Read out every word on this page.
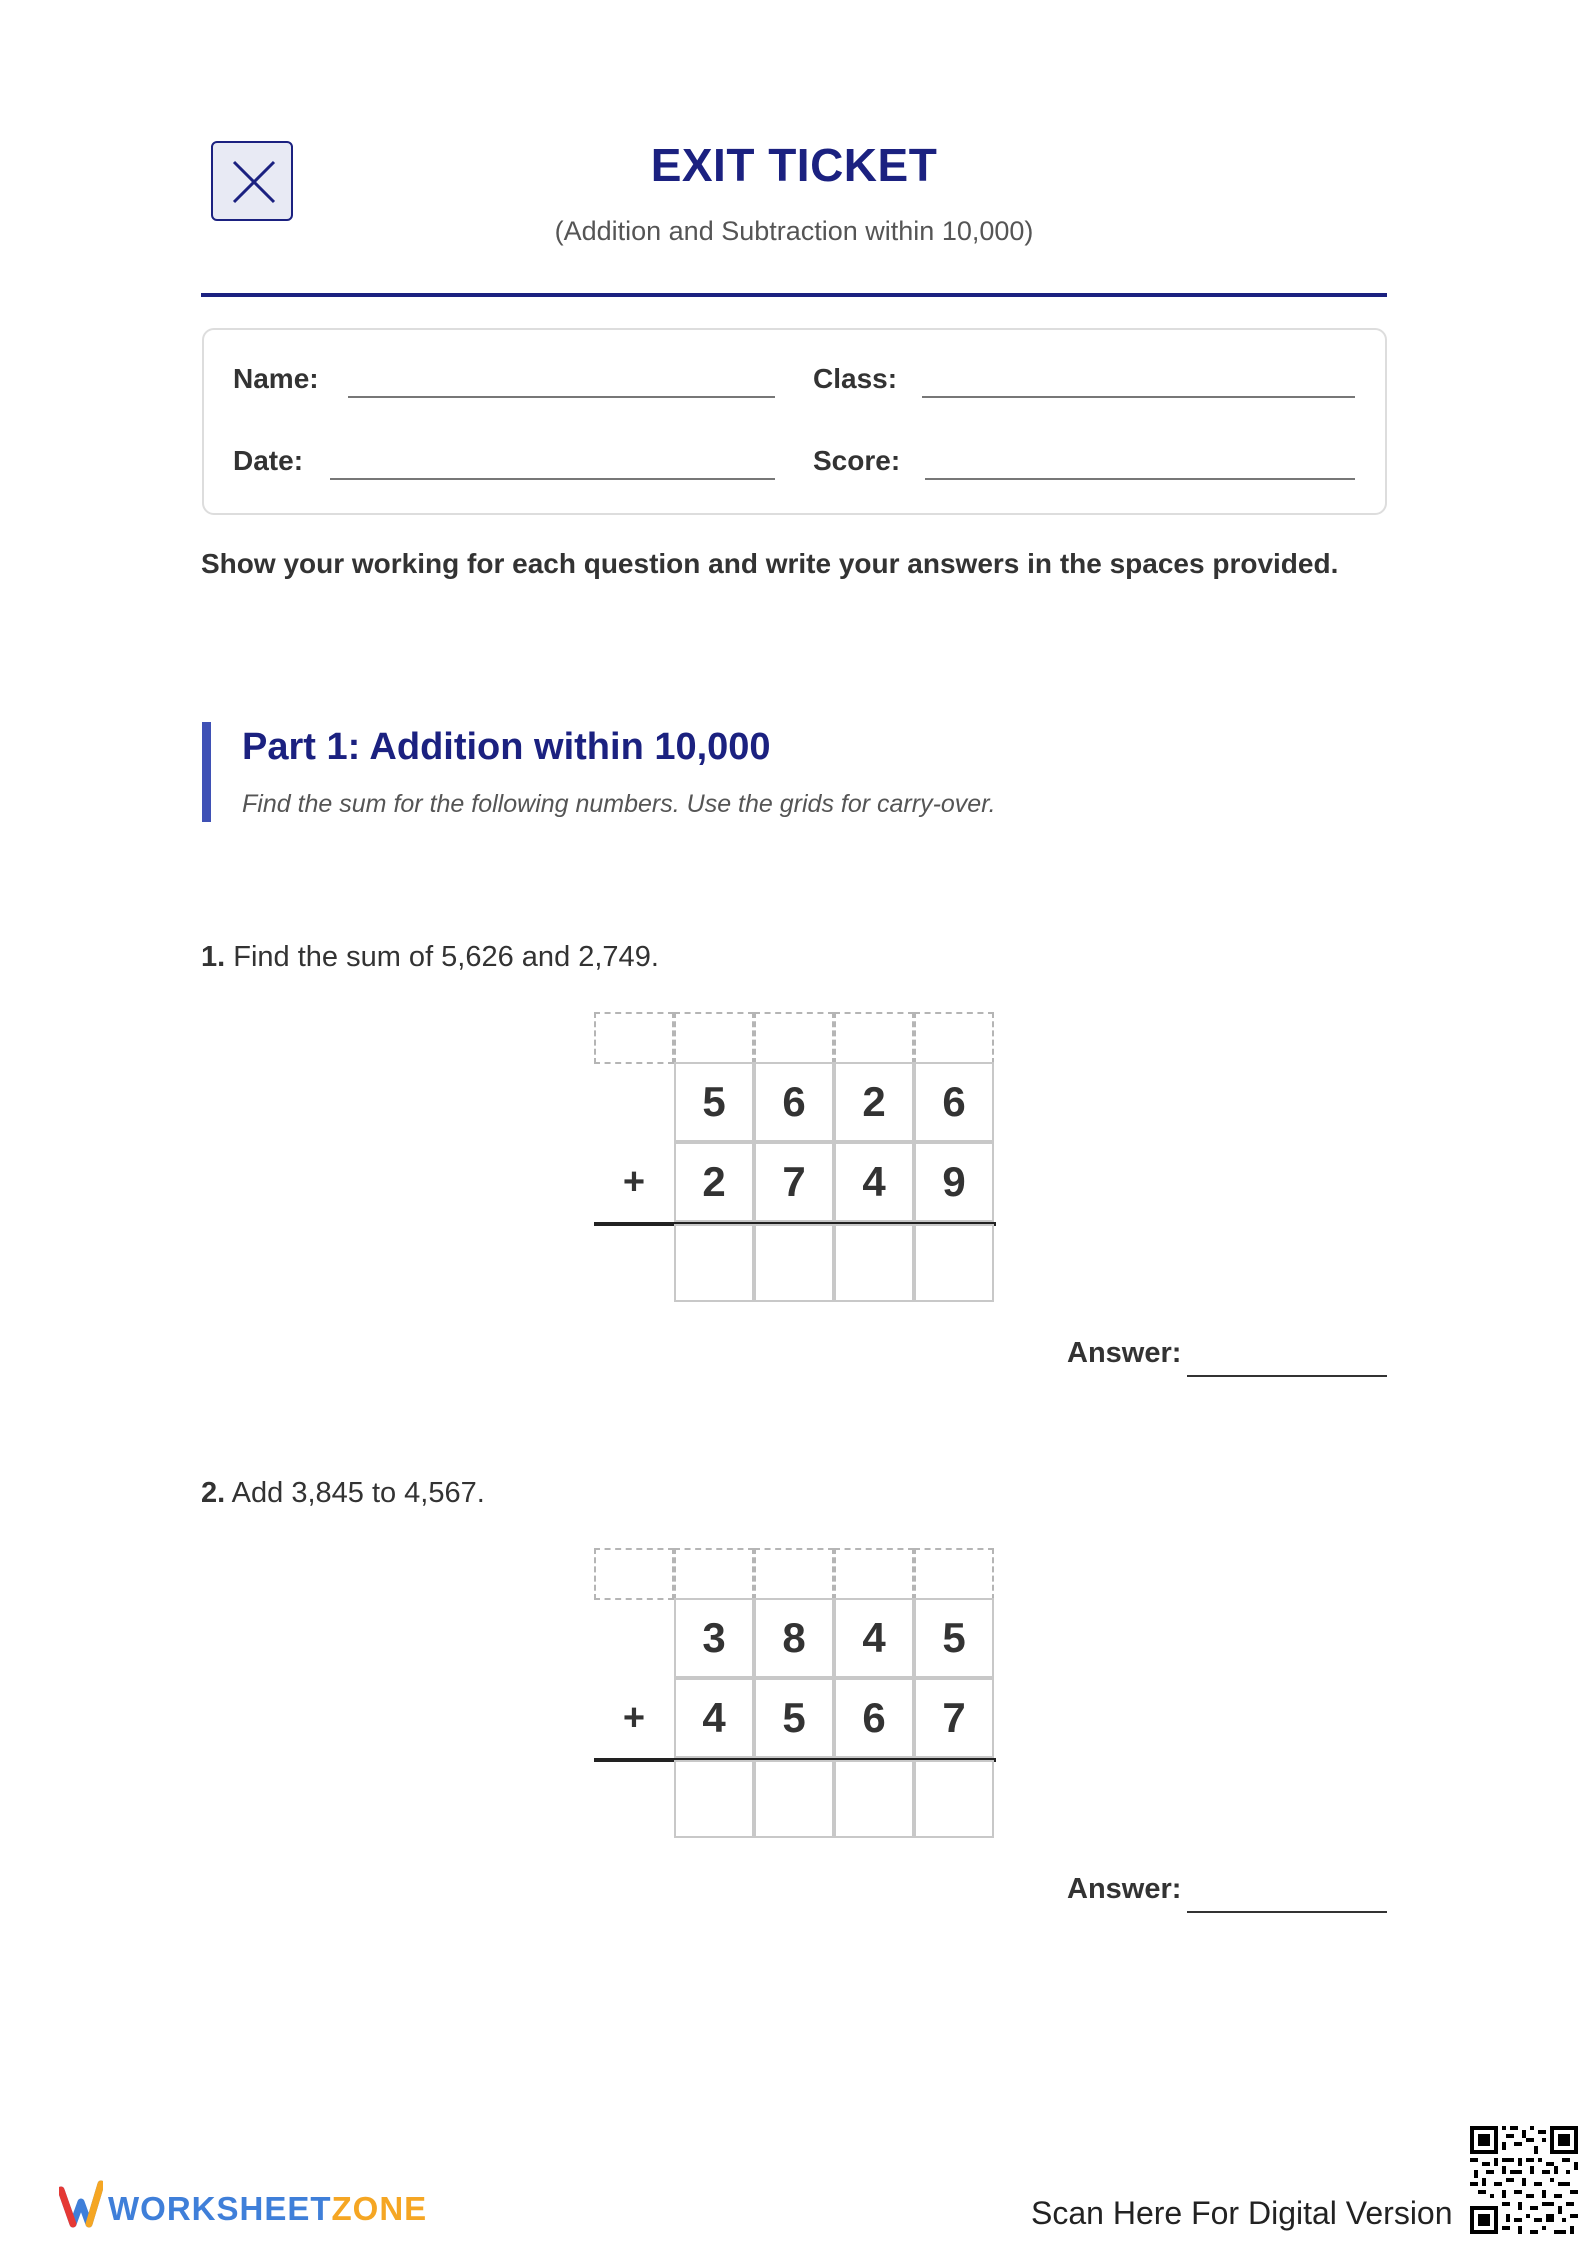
EXIT TICKET
(Addition and Subtraction within 10,000)
Name:	Class:
Date:	Score:
Show your working for each question and write your answers in the spaces provided.
Part 1: Addition within 10,000
Find the sum for the following numbers. Use the grids for carry-over.
1. Find the sum of 5,626 and 2,749.
5	6	2	6
+	2	7	4	9
Answer:
2. Add 3,845 to 4,567.
3	8	4	5
+	4	5	6	7
Answer:
WORKSHEETZONE	Scan Here For Digital Version
